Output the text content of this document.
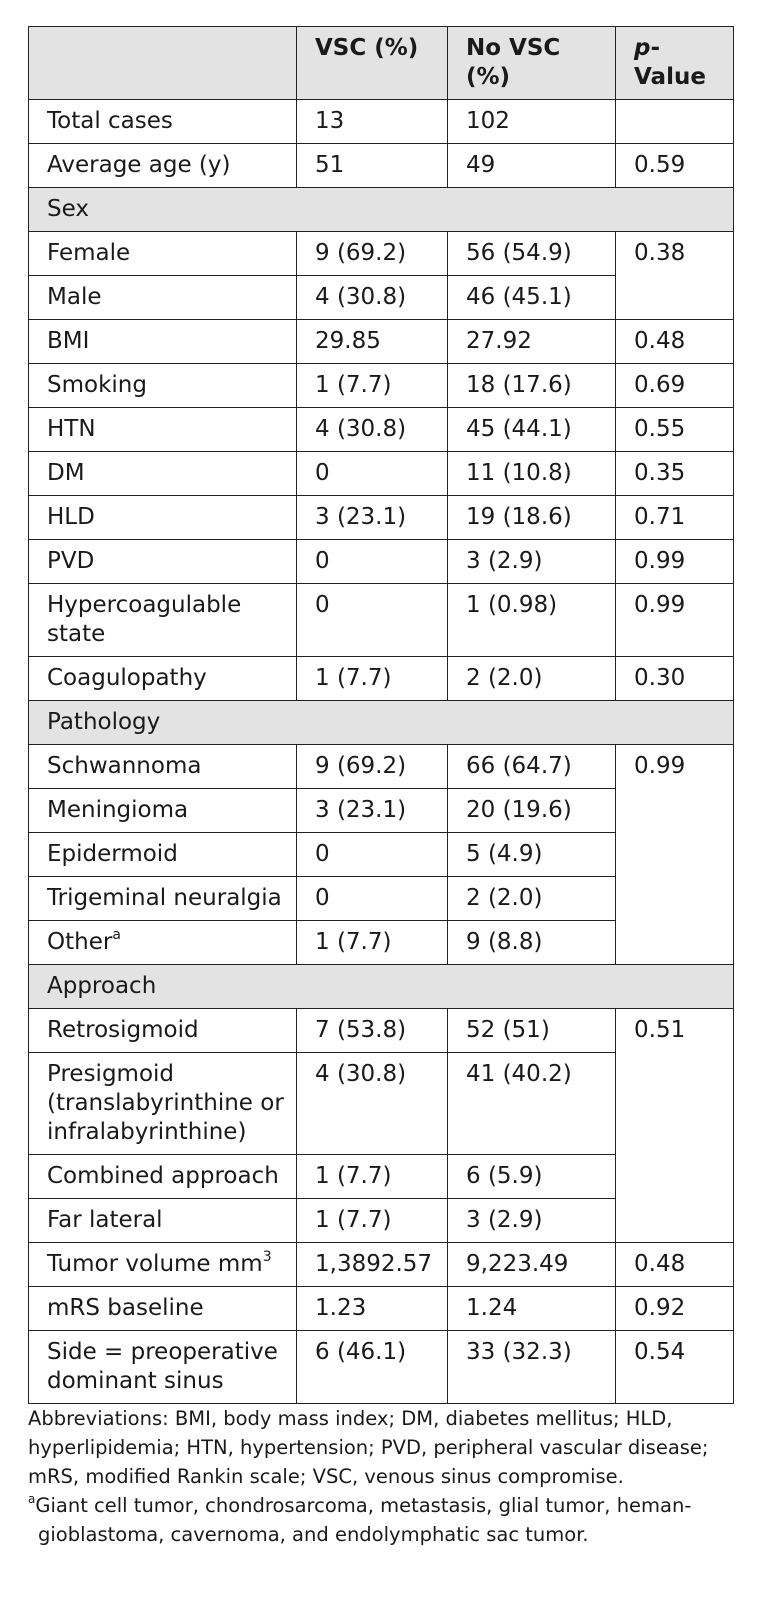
	VSC (%)	No VSC (%)	p-Value
Total cases	13	102	
Average age (y)	51	49	0.59
Sex			
Female	9 (69.2)	56 (54.9)	0.38
Male	4 (30.8)	46 (45.1)	
BMI	29.85	27.92	0.48
Smoking	1 (7.7)	18 (17.6)	0.69
HTN	4 (30.8)	45 (44.1)	0.55
DM	0	11 (10.8)	0.35
HLD	3 (23.1)	19 (18.6)	0.71
PVD	0	3 (2.9)	0.99
Hypercoagulable state	0	1 (0.98)	0.99
Coagulopathy	1 (7.7)	2 (2.0)	0.30
Pathology			
Schwannoma	9 (69.2)	66 (64.7)	0.99
Meningioma	3 (23.1)	20 (19.6)	
Epidermoid	0	5 (4.9)	
Trigeminal neuralgia	0	2 (2.0)	
Other$^a$	1 (7.7)	9 (8.8)	
Approach			
Retrosigmoid	7 (53.8)	52 (51)	0.51
Presigmoid (translabyrinthine or infralabyrinthine)	4 (30.8)	41 (40.2)	
Combined approach	1 (7.7)	6 (5.9)	
Far lateral	1 (7.7)	3 (2.9)	
Tumor volume $mm^3$	1,3892.57	9,223.49	0.48
mRS baseline	1.23	1.24	0.92
Side = preoperative dominant sinus	6 (46.1)	33 (32.3)	0.54

Abbreviations: BMI, body mass index; DM, diabetes mellitus; HLD, hyperlipidemia; HTN, hypertension; PVD, peripheral vascular disease; mRS, modified Rankin scale; VSC, venous sinus compromise.

$^a$Giant cell tumor, chondrosarcoma, metastasis, glial tumor, hemangioblastoma, cavernoma, and endolymphatic sac tumor.
